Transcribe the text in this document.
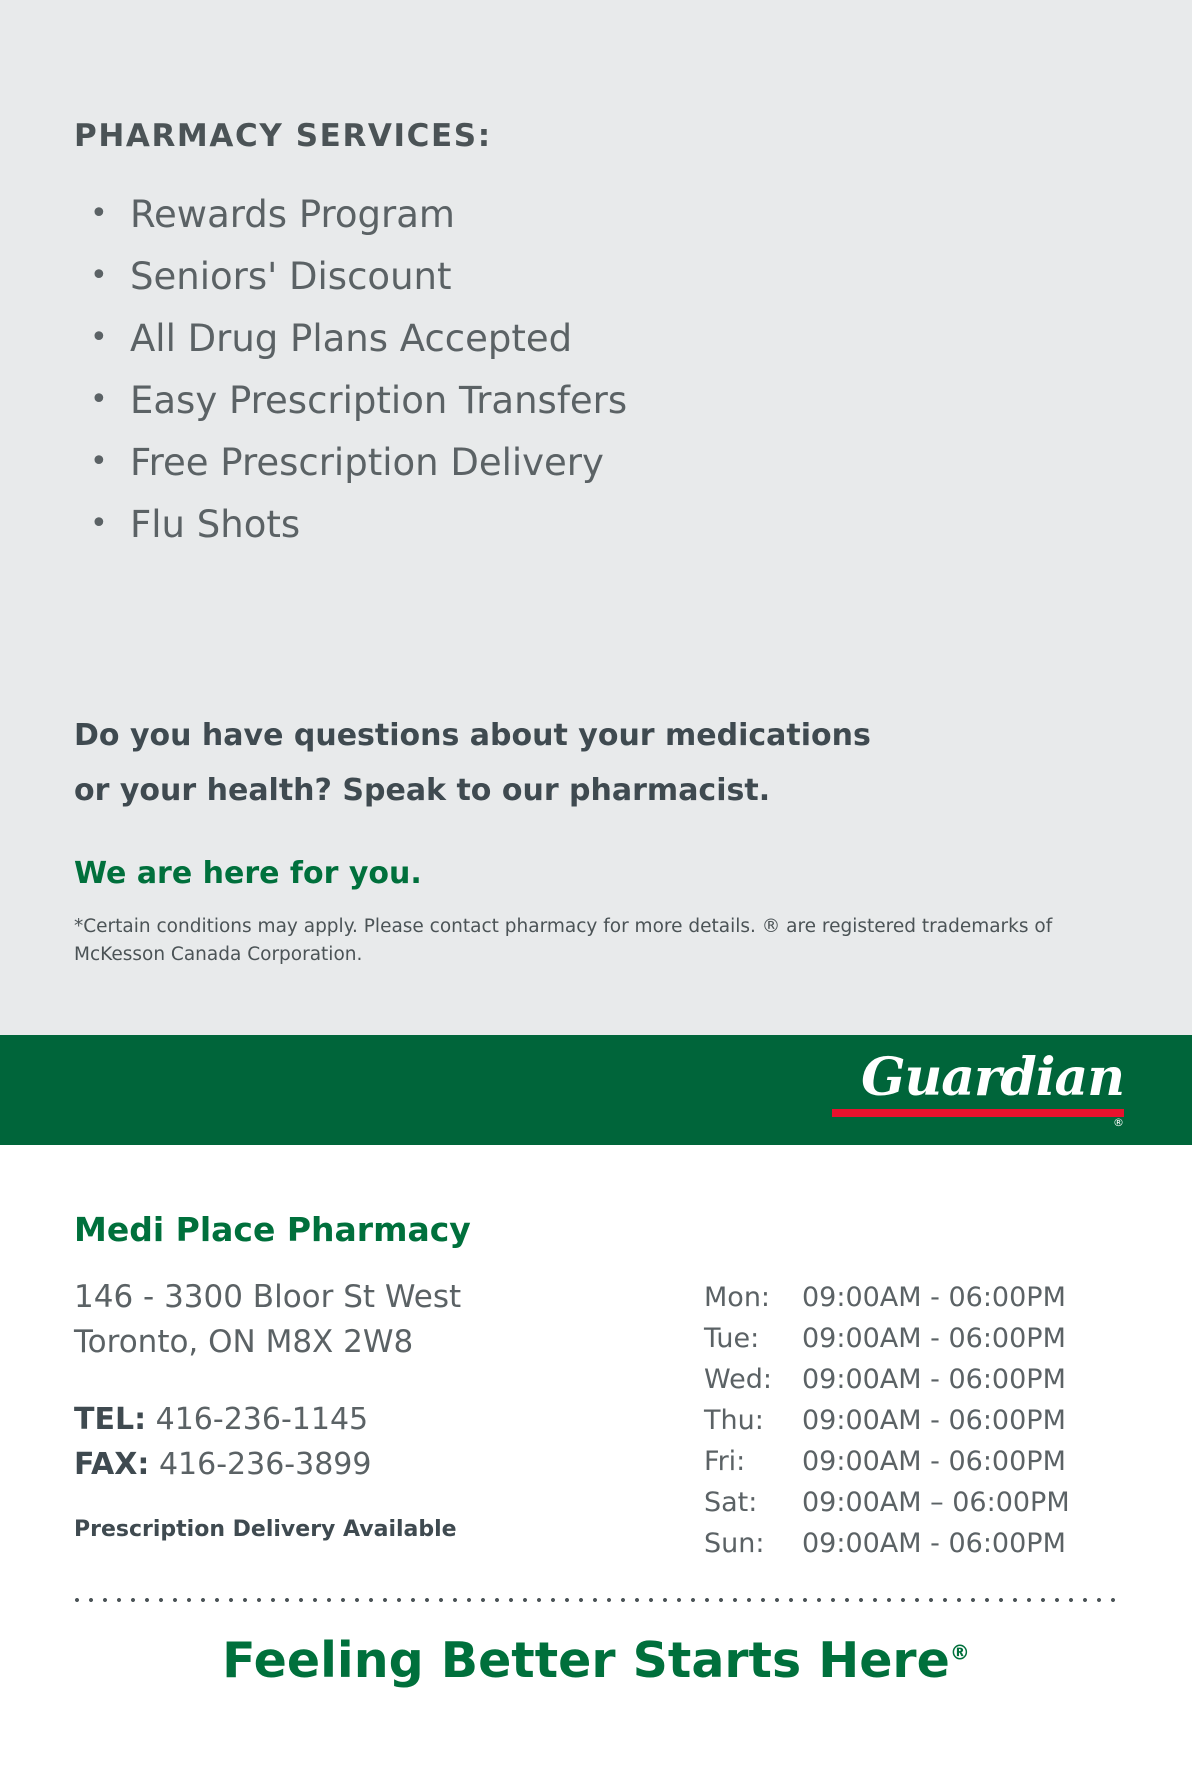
PHARMACY SERVICES:
• Rewards Program
• Seniors' Discount
• All Drug Plans Accepted
• Easy Prescription Transfers
• Free Prescription Delivery
• Flu Shots
Do you have questions about your medications
or your health? Speak to our pharmacist.
We are here for you.
*Certain conditions may apply. Please contact pharmacy for more details. ® are registered trademarks of
McKesson Canada Corporation.
Guardian
®
Medi Place Pharmacy
146 - 3300 Bloor St West
Toronto, ON M8X 2W8
TEL: 416-236-1145
FAX: 416-236-3899
Prescription Delivery Available
Mon:	09:00AM - 06:00PM
Tue:	09:00AM - 06:00PM
Wed:	09:00AM - 06:00PM
Thu:	09:00AM - 06:00PM
Fri:	09:00AM - 06:00PM
Sat:	09:00AM – 06:00PM
Sun:	09:00AM - 06:00PM
Feeling Better Starts Here®
